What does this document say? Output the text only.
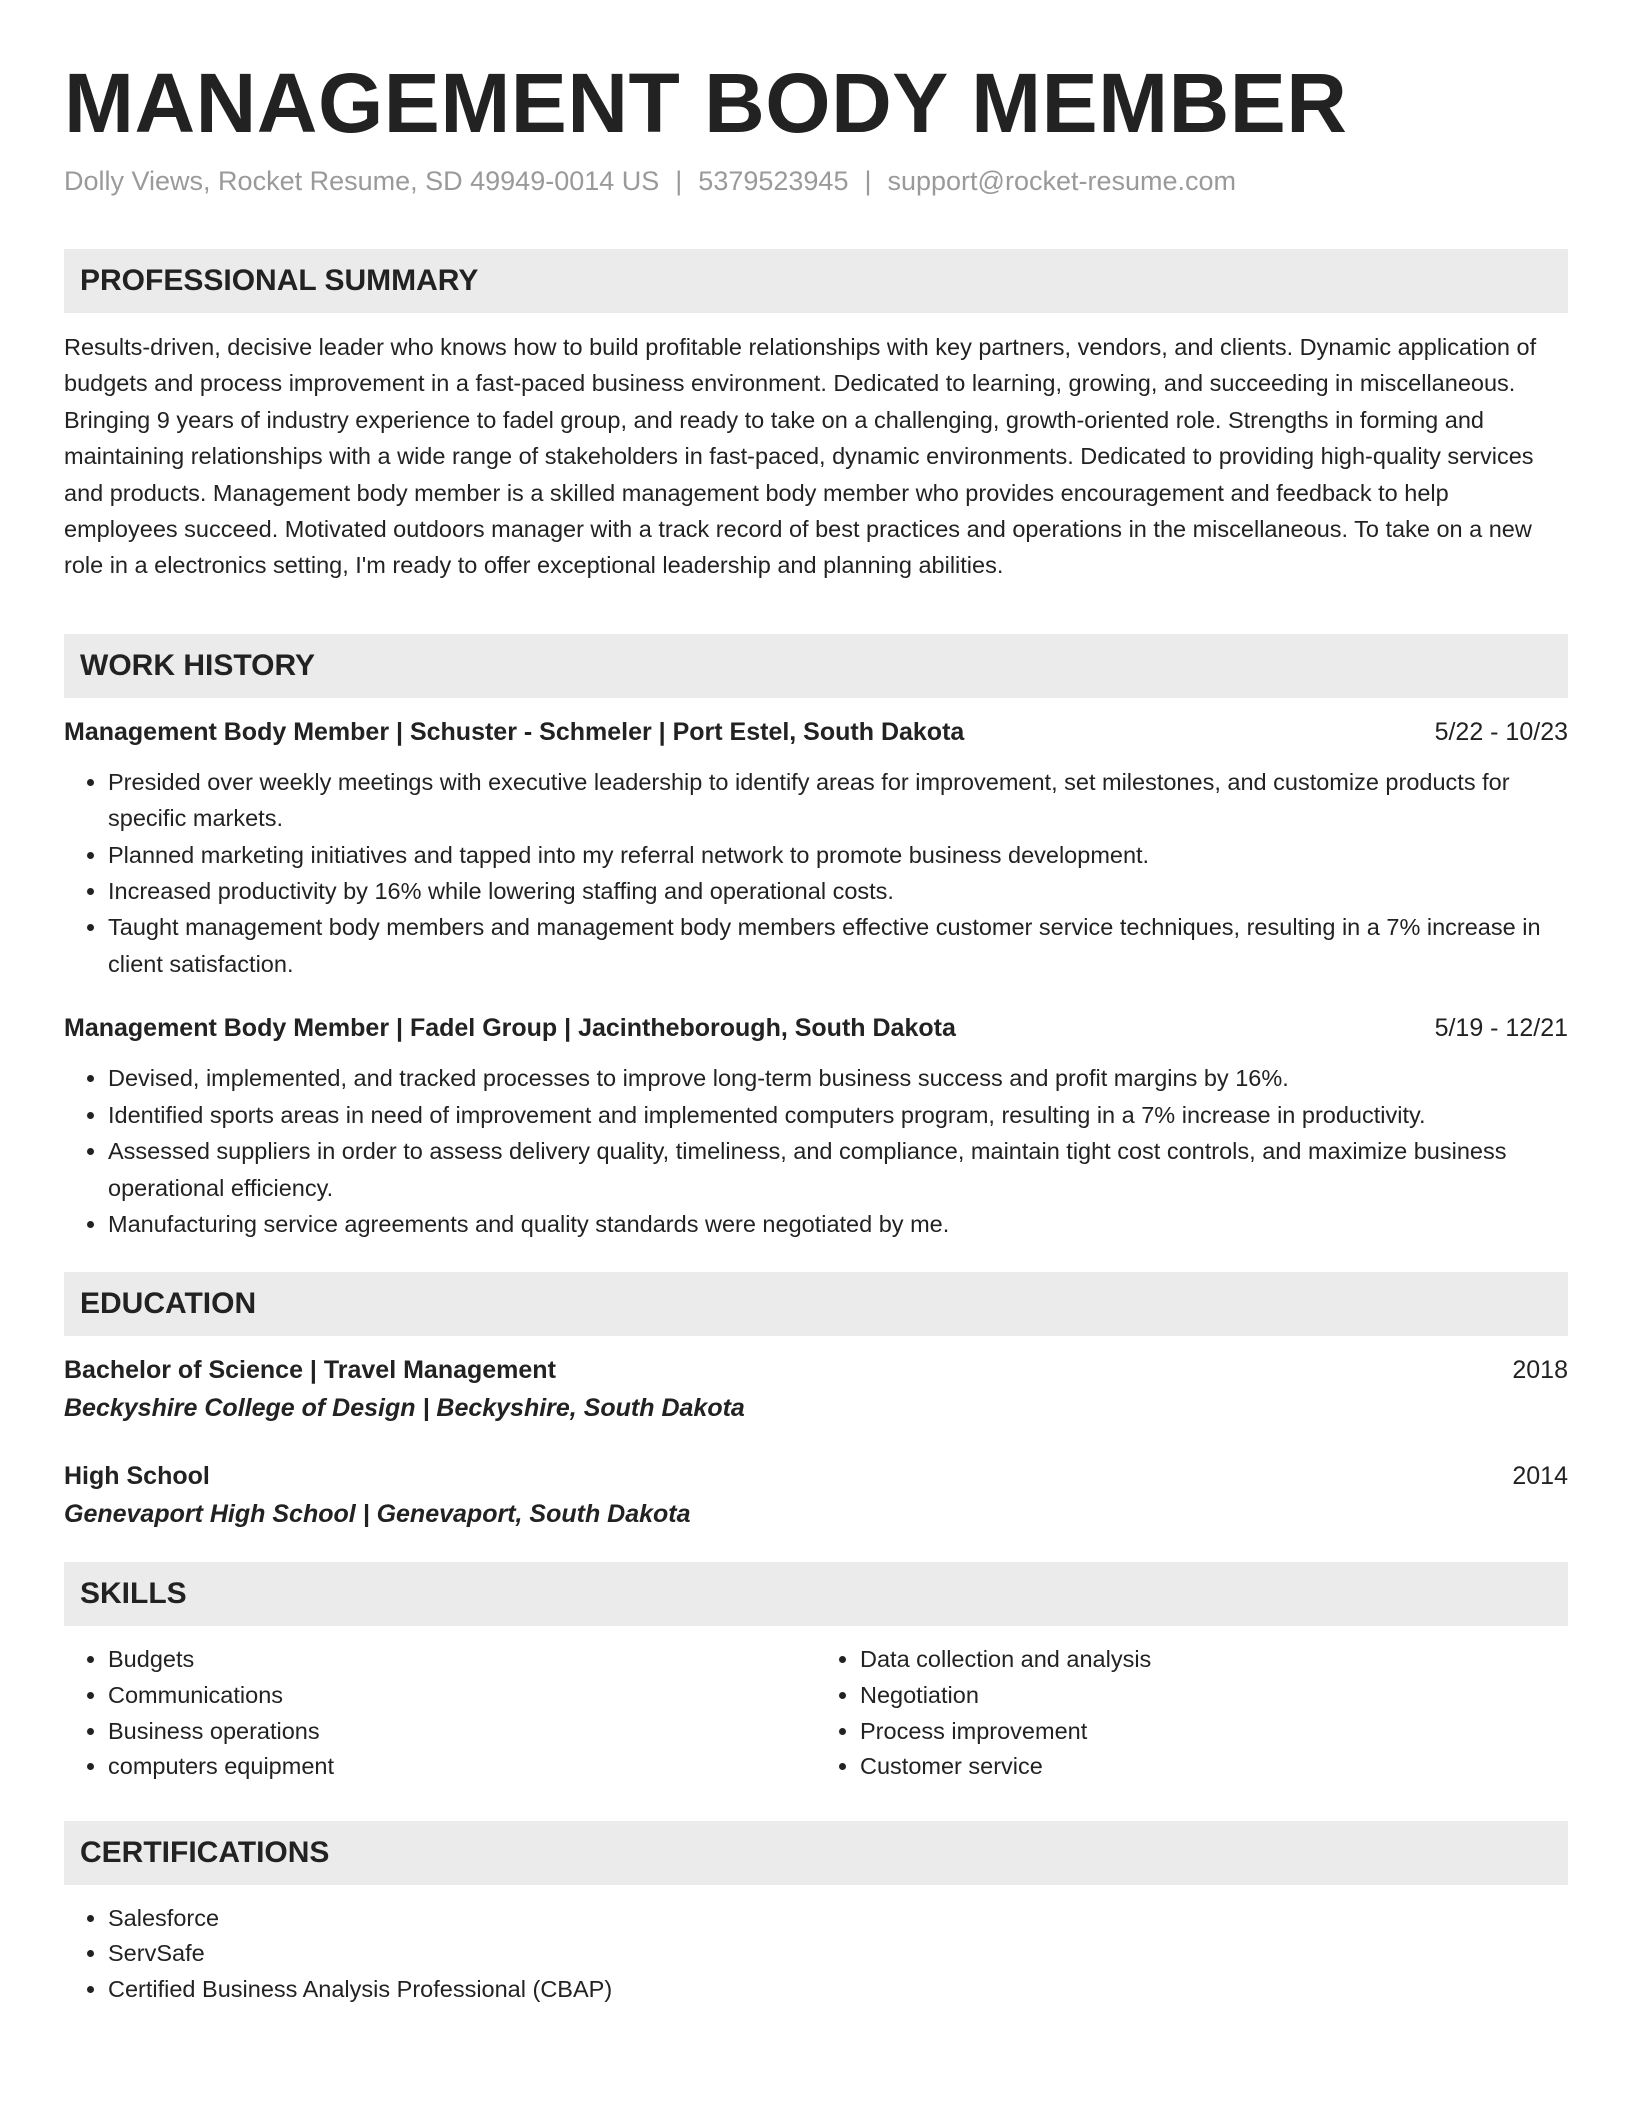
MANAGEMENT BODY MEMBER
Dolly Views, Rocket Resume, SD 49949-0014 US | 5379523945 | support@rocket-resume.com
PROFESSIONAL SUMMARY

Results-driven, decisive leader who knows how to build profitable relationships with key partners, vendors, and clients. Dynamic application of budgets and process improvement in a fast-paced business environment. Dedicated to learning, growing, and succeeding in miscellaneous. Bringing 9 years of industry experience to fadel group, and ready to take on a challenging, growth-oriented role. Strengths in forming and maintaining relationships with a wide range of stakeholders in fast-paced, dynamic environments. Dedicated to providing high-quality services and products. Management body member is a skilled management body member who provides encouragement and feedback to help employees succeed. Motivated outdoors manager with a track record of best practices and operations in the miscellaneous. To take on a new role in a electronics setting, I'm ready to offer exceptional leadership and planning abilities.

WORK HISTORY
Management Body Member | Schuster - Schmeler | Port Estel, South Dakota	5/22 - 10/23
• Presided over weekly meetings with executive leadership to identify areas for improvement, set milestones, and customize products for specific markets.
• Planned marketing initiatives and tapped into my referral network to promote business development.
• Increased productivity by 16% while lowering staffing and operational costs.
• Taught management body members and management body members effective customer service techniques, resulting in a 7% increase in client satisfaction.
Management Body Member | Fadel Group | Jacintheborough, South Dakota	5/19 - 12/21
• Devised, implemented, and tracked processes to improve long-term business success and profit margins by 16%.
• Identified sports areas in need of improvement and implemented computers program, resulting in a 7% increase in productivity.
• Assessed suppliers in order to assess delivery quality, timeliness, and compliance, maintain tight cost controls, and maximize business operational efficiency.
• Manufacturing service agreements and quality standards were negotiated by me.
EDUCATION
Bachelor of Science | Travel Management	2018
Beckyshire College of Design | Beckyshire, South Dakota
High School	2014
Genevaport High School | Genevaport, South Dakota
SKILLS
• Budgets
• Communications
• Business operations
• computers equipment
• Data collection and analysis
• Negotiation
• Process improvement
• Customer service
CERTIFICATIONS
• Salesforce
• ServSafe
• Certified Business Analysis Professional (CBAP)
